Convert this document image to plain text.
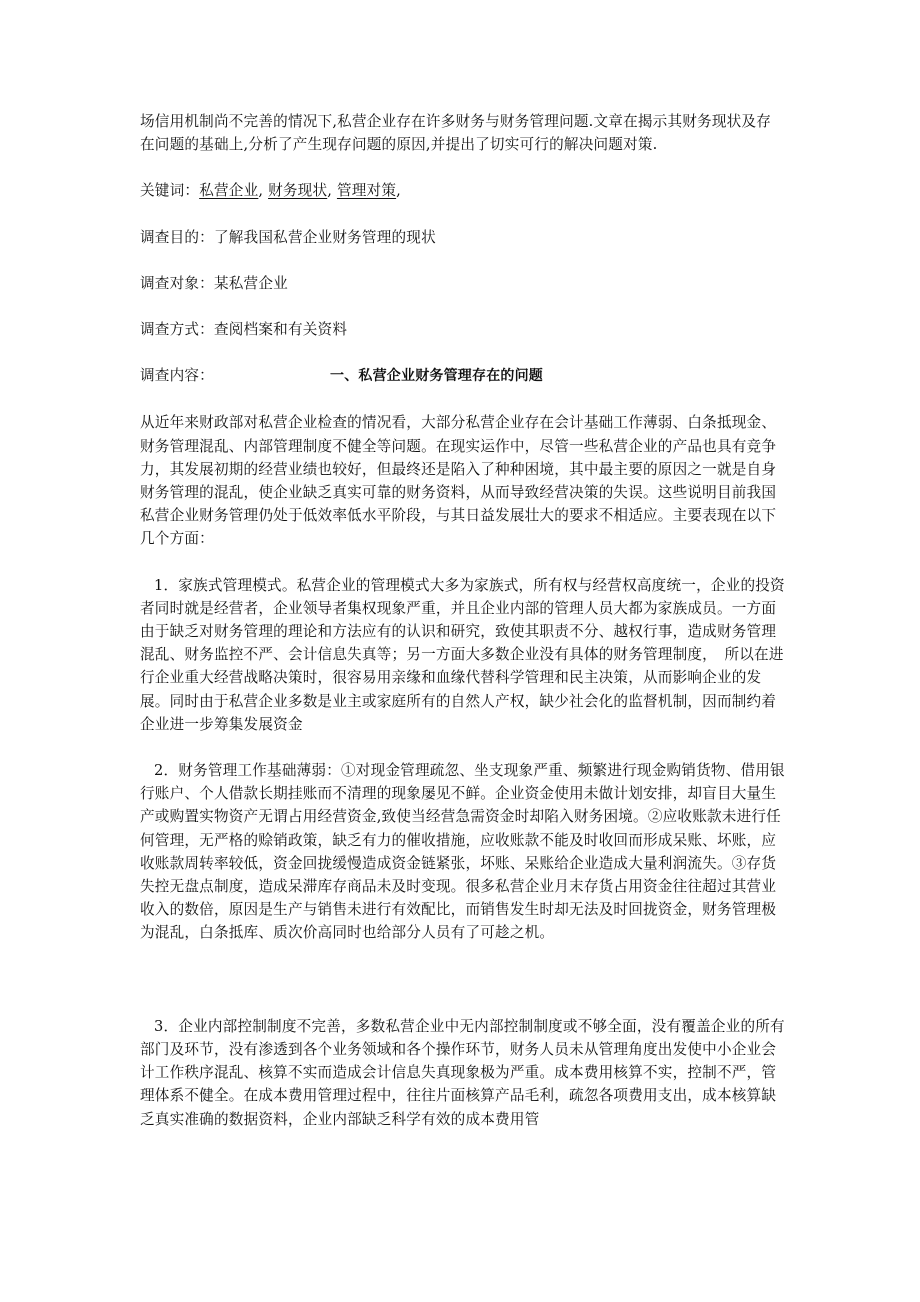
场信用机制尚不完善的情况下,私营企业存在许多财务与财务管理问题.文章在揭示其财务现状及存在问题的基础上,分析了产生现存问题的原因,并提出了切实可行的解决问题对策.

关键词：私营企业, 财务现状, 管理对策,

调查目的：了解我国私营企业财务管理的现状

调查对象：某私营企业

调查方式：查阅档案和有关资料

调查内容：	一、私营企业财务管理存在的问题

从近年来财政部对私营企业检查的情况看，大部分私营企业存在会计基础工作薄弱、白条抵现金、财务管理混乱、内部管理制度不健全等问题。在现实运作中，尽管一些私营企业的产品也具有竞争力，其发展初期的经营业绩也较好，但最终还是陷入了种种困境，其中最主要的原因之一就是自身财务管理的混乱，使企业缺乏真实可靠的财务资料，从而导致经营决策的失误。这些说明目前我国私营企业财务管理仍处于低效率低水平阶段，与其日益发展壮大的要求不相适应。主要表现在以下几个方面：

1．家族式管理模式。私营企业的管理模式大多为家族式，所有权与经营权高度统一，企业的投资者同时就是经营者，企业领导者集权现象严重，并且企业内部的管理人员大都为家族成员。一方面由于缺乏对财务管理的理论和方法应有的认识和研究，致使其职责不分、越权行事，造成财务管理混乱、财务监控不严、会计信息失真等；另一方面大多数企业没有具体的财务管理制度，　所以在进行企业重大经营战略决策时，很容易用亲缘和血缘代替科学管理和民主决策，从而影响企业的发展。同时由于私营企业多数是业主或家庭所有的自然人产权，缺少社会化的监督机制，因而制约着企业进一步筹集发展资金

2．财务管理工作基础薄弱：①对现金管理疏忽、坐支现象严重、频繁进行现金购销货物、借用银行账户、个人借款长期挂账而不清理的现象屡见不鲜。企业资金使用未做计划安排，却盲目大量生产或购置实物资产无谓占用经营资金,致使当经营急需资金时却陷入财务困境。②应收账款未进行任何管理，无严格的赊销政策，缺乏有力的催收措施，应收账款不能及时收回而形成呆账、坏账，应收账款周转率较低，资金回拢缓慢造成资金链紧张，坏账、呆账给企业造成大量利润流失。③存货失控无盘点制度，造成呆滞库存商品未及时变现。很多私营企业月末存货占用资金往往超过其营业收入的数倍，原因是生产与销售未进行有效配比，而销售发生时却无法及时回拢资金，财务管理极为混乱，白条抵库、质次价高同时也给部分人员有了可趁之机。

3．企业内部控制制度不完善，多数私营企业中无内部控制制度或不够全面，没有覆盖企业的所有部门及环节，没有渗透到各个业务领域和各个操作环节，财务人员未从管理角度出发使中小企业会计工作秩序混乱、核算不实而造成会计信息失真现象极为严重。成本费用核算不实，控制不严，管理体系不健全。在成本费用管理过程中，往往片面核算产品毛利，疏忽各项费用支出，成本核算缺乏真实准确的数据资料，企业内部缺乏科学有效的成本费用管
